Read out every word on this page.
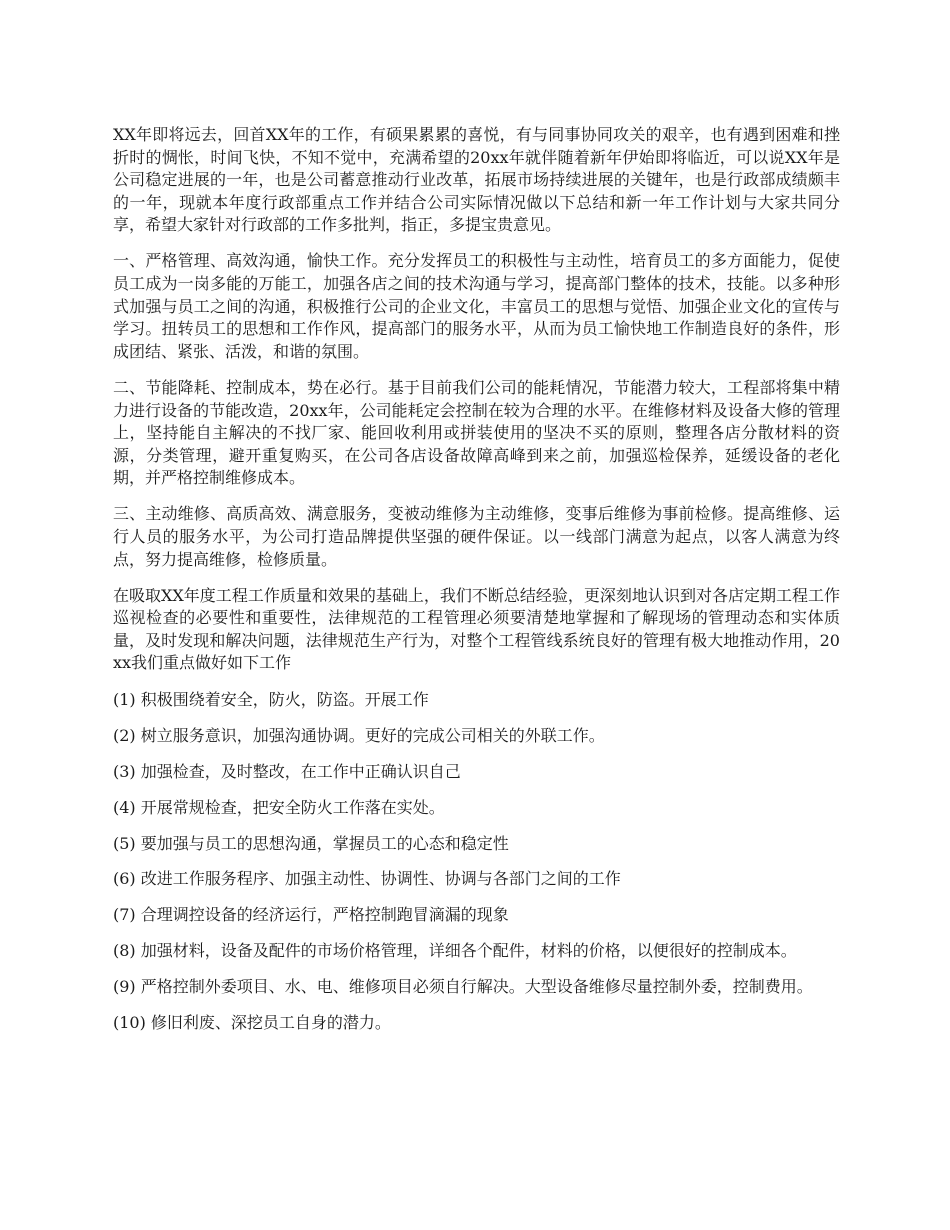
XX年即将远去，回首XX年的工作，有硕果累累的喜悦，有与同事协同攻关的艰辛，也有遇到困难和挫折时的惆怅，时间飞快，不知不觉中，充满希望的20xx年就伴随着新年伊始即将临近，可以说XX年是公司稳定进展的一年，也是公司蓄意推动行业改革，拓展市场持续进展的关键年，也是行政部成绩颇丰的一年，现就本年度行政部重点工作并结合公司实际情况做以下总结和新一年工作计划与大家共同分享，希望大家针对行政部的工作多批判，指正，多提宝贵意见。

一、严格管理、高效沟通，愉快工作。充分发挥员工的积极性与主动性，培育员工的多方面能力，促使员工成为一岗多能的万能工，加强各店之间的技术沟通与学习，提高部门整体的技术，技能。以多种形式加强与员工之间的沟通，积极推行公司的企业文化，丰富员工的思想与觉悟、加强企业文化的宣传与学习。扭转员工的思想和工作作风，提高部门的服务水平，从而为员工愉快地工作制造良好的条件，形成团结、紧张、活泼，和谐的氛围。

二、节能降耗、控制成本，势在必行。基于目前我们公司的能耗情况，节能潜力较大，工程部将集中精力进行设备的节能改造，20xx年，公司能耗定会控制在较为合理的水平。在维修材料及设备大修的管理上，坚持能自主解决的不找厂家、能回收利用或拼装使用的坚决不买的原则，整理各店分散材料的资源，分类管理，避开重复购买，在公司各店设备故障高峰到来之前，加强巡检保养，延缓设备的老化期，并严格控制维修成本。

三、主动维修、高质高效、满意服务，变被动维修为主动维修，变事后维修为事前检修。提高维修、运行人员的服务水平，为公司打造品牌提供坚强的硬件保证。以一线部门满意为起点，以客人满意为终点，努力提高维修，检修质量。

在吸取XX年度工程工作质量和效果的基础上，我们不断总结经验，更深刻地认识到对各店定期工程工作巡视检查的必要性和重要性，法律规范的工程管理必须要清楚地掌握和了解现场的管理动态和实体质量，及时发现和解决问题，法律规范生产行为，对整个工程管线系统良好的管理有极大地推动作用，20xx我们重点做好如下工作

(1) 积极围绕着安全，防火，防盗。开展工作

(2) 树立服务意识，加强沟通协调。更好的完成公司相关的外联工作。

(3) 加强检查，及时整改，在工作中正确认识自己

(4) 开展常规检查，把安全防火工作落在实处。

(5) 要加强与员工的思想沟通，掌握员工的心态和稳定性

(6) 改进工作服务程序、加强主动性、协调性、协调与各部门之间的工作

(7) 合理调控设备的经济运行，严格控制跑冒滴漏的现象

(8) 加强材料，设备及配件的市场价格管理，详细各个配件，材料的价格，以便很好的控制成本。

(9) 严格控制外委项目、水、电、维修项目必须自行解决。大型设备维修尽量控制外委，控制费用。

(10) 修旧利废、深挖员工自身的潜力。
